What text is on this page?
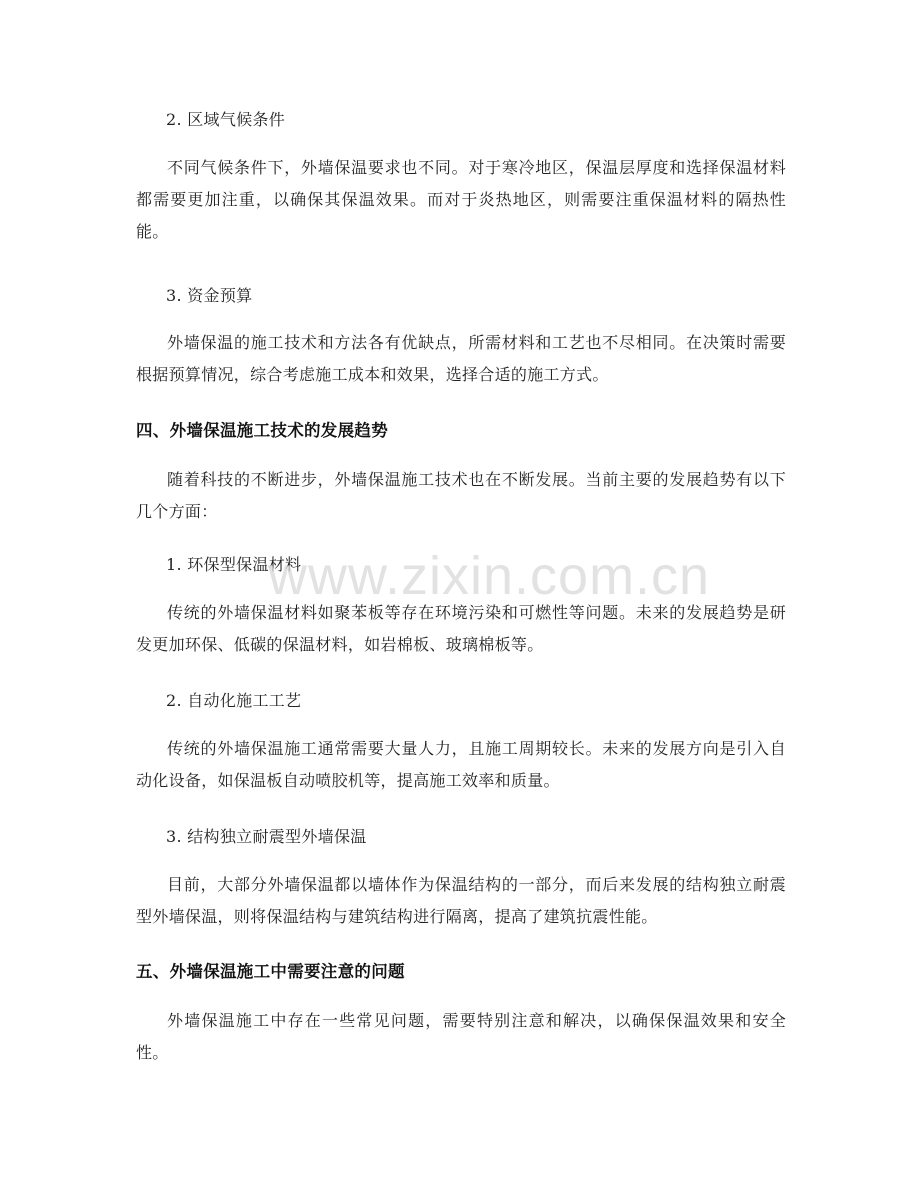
2. 区域气候条件

不同气候条件下，外墙保温要求也不同。对于寒冷地区，保温层厚度和选择保温材料都需要更加注重，以确保其保温效果。而对于炎热地区，则需要注重保温材料的隔热性能。

3. 资金预算

外墙保温的施工技术和方法各有优缺点，所需材料和工艺也不尽相同。在决策时需要根据预算情况，综合考虑施工成本和效果，选择合适的施工方式。

四、外墙保温施工技术的发展趋势

随着科技的不断进步，外墙保温施工技术也在不断发展。当前主要的发展趋势有以下几个方面：

1. 环保型保温材料

传统的外墙保温材料如聚苯板等存在环境污染和可燃性等问题。未来的发展趋势是研发更加环保、低碳的保温材料，如岩棉板、玻璃棉板等。

2. 自动化施工工艺

传统的外墙保温施工通常需要大量人力，且施工周期较长。未来的发展方向是引入自动化设备，如保温板自动喷胶机等，提高施工效率和质量。

3. 结构独立耐震型外墙保温

目前，大部分外墙保温都以墙体作为保温结构的一部分，而后来发展的结构独立耐震型外墙保温，则将保温结构与建筑结构进行隔离，提高了建筑抗震性能。

五、外墙保温施工中需要注意的问题

外墙保温施工中存在一些常见问题，需要特别注意和解决，以确保保温效果和安全性。

www.zixin.com.cn
